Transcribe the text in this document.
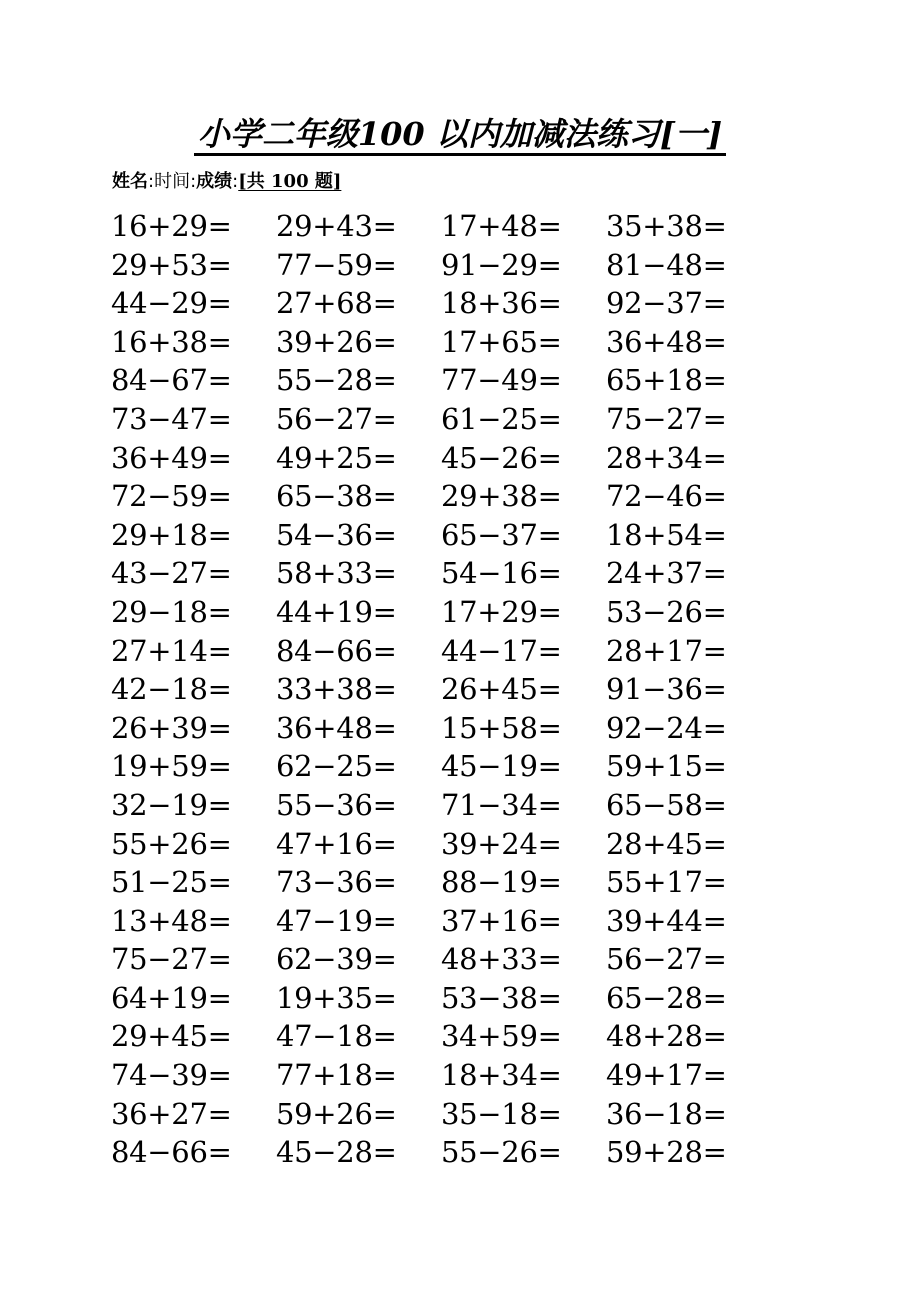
小学二年级100 以内加减法练习[一]
姓名:时间:成绩:[共 100 题]
16+29=	29+43=	17+48=	35+38=
29+53=	77−59=	91−29=	81−48=
44−29=	27+68=	18+36=	92−37=
16+38=	39+26=	17+65=	36+48=
84−67=	55−28=	77−49=	65+18=
73−47=	56−27=	61−25=	75−27=
36+49=	49+25=	45−26=	28+34=
72−59=	65−38=	29+38=	72−46=
29+18=	54−36=	65−37=	18+54=
43−27=	58+33=	54−16=	24+37=
29−18=	44+19=	17+29=	53−26=
27+14=	84−66=	44−17=	28+17=
42−18=	33+38=	26+45=	91−36=
26+39=	36+48=	15+58=	92−24=
19+59=	62−25=	45−19=	59+15=
32−19=	55−36=	71−34=	65−58=
55+26=	47+16=	39+24=	28+45=
51−25=	73−36=	88−19=	55+17=
13+48=	47−19=	37+16=	39+44=
75−27=	62−39=	48+33=	56−27=
64+19=	19+35=	53−38=	65−28=
29+45=	47−18=	34+59=	48+28=
74−39=	77+18=	18+34=	49+17=
36+27=	59+26=	35−18=	36−18=
84−66=	45−28=	55−26=	59+28=
